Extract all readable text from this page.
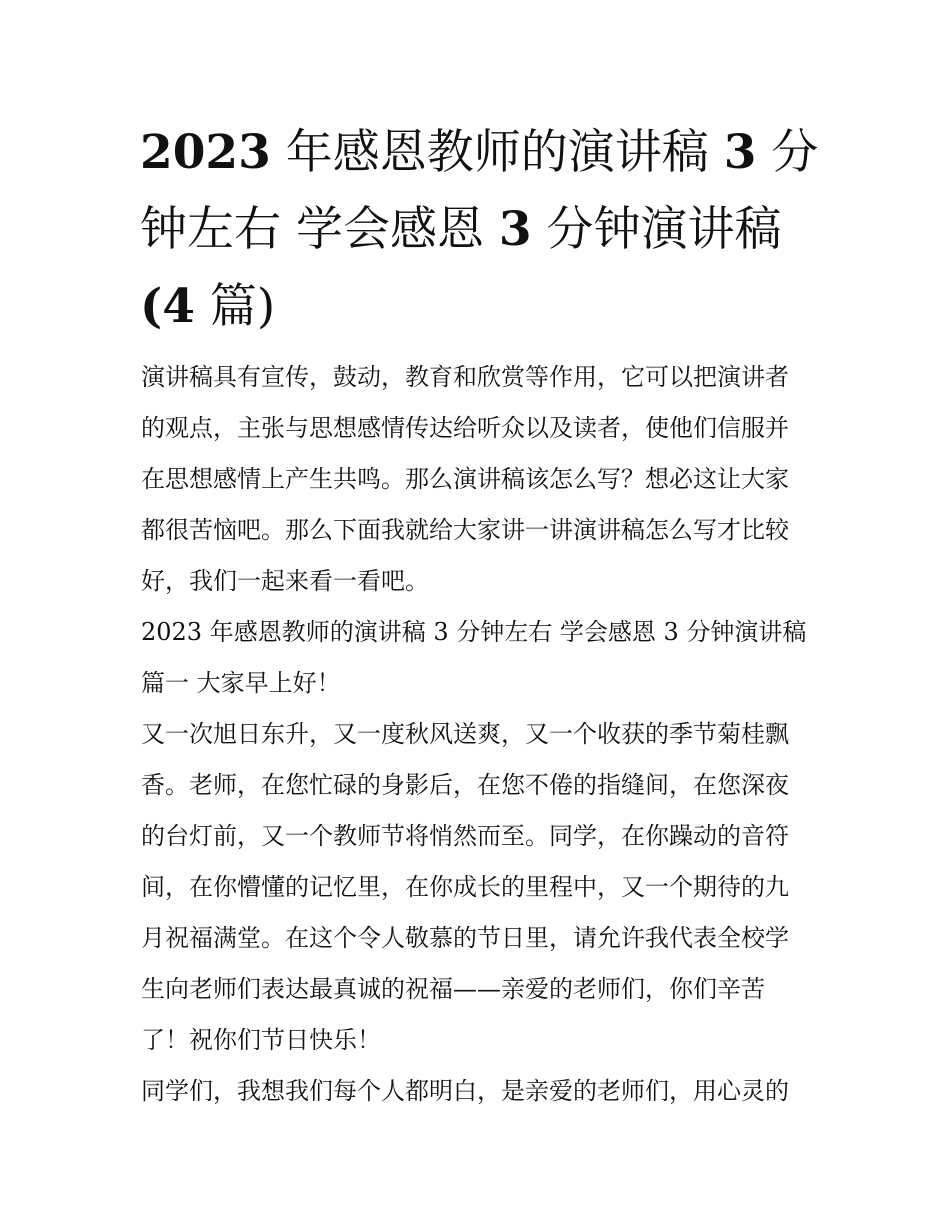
2023 年感恩教师的演讲稿 3 分
钟左右 学会感恩 3 分钟演讲稿
(4 篇)
演讲稿具有宣传，鼓动，教育和欣赏等作用，它可以把演讲者
的观点，主张与思想感情传达给听众以及读者，使他们信服并
在思想感情上产生共鸣。那么演讲稿该怎么写？想必这让大家
都很苦恼吧。那么下面我就给大家讲一讲演讲稿怎么写才比较
好，我们一起来看一看吧。
2023 年感恩教师的演讲稿 3 分钟左右 学会感恩 3 分钟演讲稿
篇一 大家早上好！
又一次旭日东升，又一度秋风送爽，又一个收获的季节菊桂飘
香。老师，在您忙碌的身影后，在您不倦的指缝间，在您深夜
的台灯前，又一个教师节将悄然而至。同学，在你躁动的音符
间，在你懵懂的记忆里，在你成长的里程中，又一个期待的九
月祝福满堂。在这个令人敬慕的节日里，请允许我代表全校学
生向老师们表达最真诚的祝福——亲爱的老师们，你们辛苦
了！祝你们节日快乐！
同学们，我想我们每个人都明白，是亲爱的老师们，用心灵的
